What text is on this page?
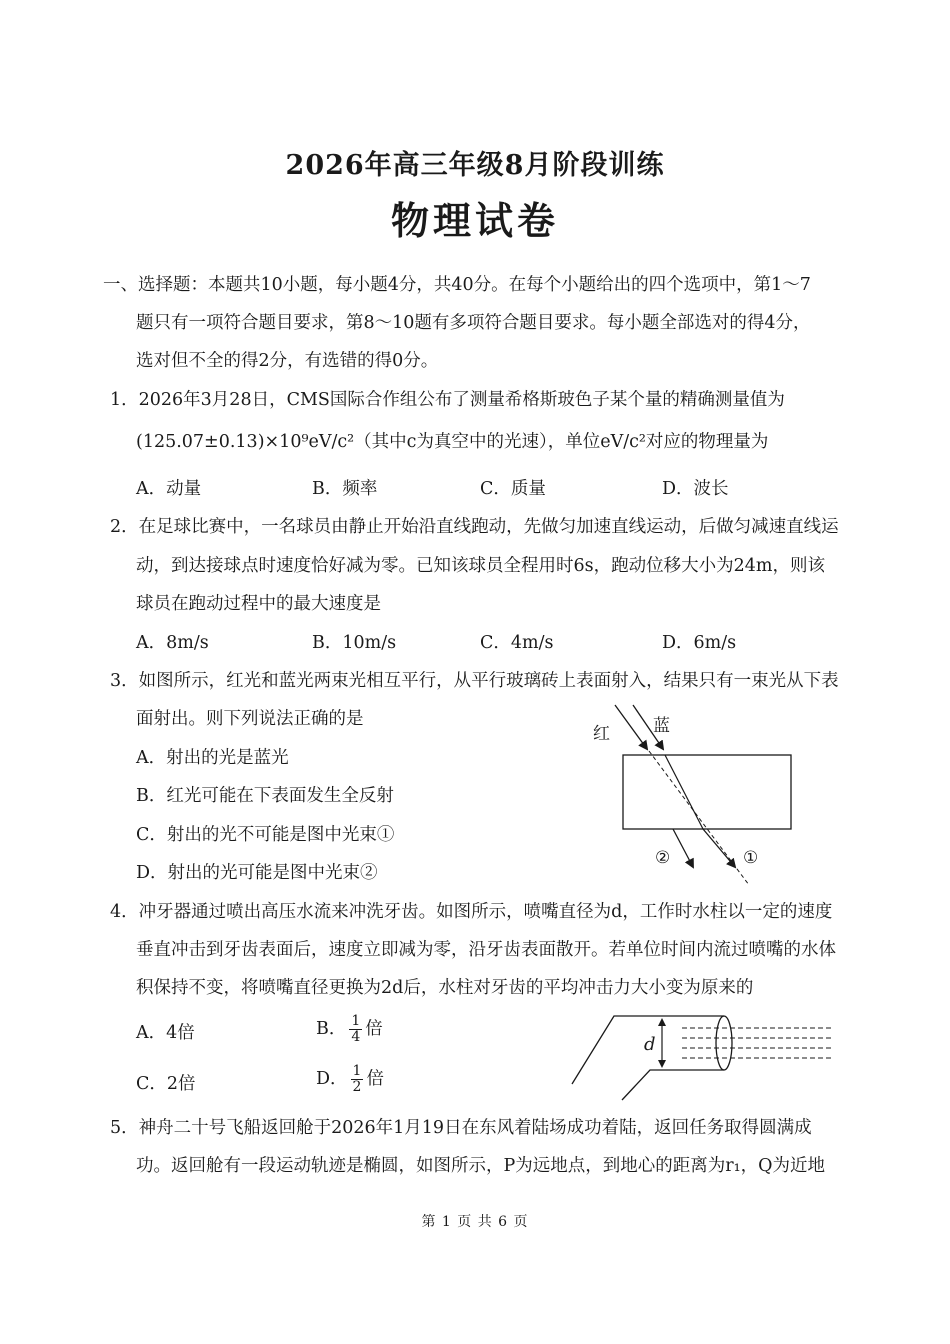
2026年高三年级8月阶段训练
物理试卷
一、选择题：本题共10小题，每小题4分，共40分。在每个小题给出的四个选项中，第1～7
题只有一项符合题目要求，第8～10题有多项符合题目要求。每小题全部选对的得4分，
选对但不全的得2分，有选错的得0分。
1．2026年3月28日，CMS国际合作组公布了测量希格斯玻色子某个量的精确测量值为
(125.07±0.13)×10⁹eV/c²（其中c为真空中的光速），单位eV/c²对应的物理量为
A．动量	B．频率	C．质量	D．波长
2．在足球比赛中，一名球员由静止开始沿直线跑动，先做匀加速直线运动，后做匀减速直线运
动，到达接球点时速度恰好减为零。已知该球员全程用时6s，跑动位移大小为24m，则该
球员在跑动过程中的最大速度是
A．8m/s	B．10m/s	C．4m/s	D．6m/s
3．如图所示，红光和蓝光两束光相互平行，从平行玻璃砖上表面射入，结果只有一束光从下表
面射出。则下列说法正确的是
A．射出的光是蓝光
B．红光可能在下表面发生全反射
C．射出的光不可能是图中光束①
D．射出的光可能是图中光束②
红	蓝
②	①
4．冲牙器通过喷出高压水流来冲洗牙齿。如图所示，喷嘴直径为d，工作时水柱以一定的速度
垂直冲击到牙齿表面后，速度立即减为零，沿牙齿表面散开。若单位时间内流过喷嘴的水体
积保持不变，将喷嘴直径更换为2d后，水柱对牙齿的平均冲击力大小变为原来的
A．4倍	B． $\frac{1}{4}$ 倍
C．2倍	D． $\frac{1}{2}$ 倍
d
5．神舟二十号飞船返回舱于2026年1月19日在东风着陆场成功着陆，返回任务取得圆满成
功。返回舱有一段运动轨迹是椭圆，如图所示，P为远地点，到地心的距离为r₁，Q为近地
第 1 页 共 6 页
